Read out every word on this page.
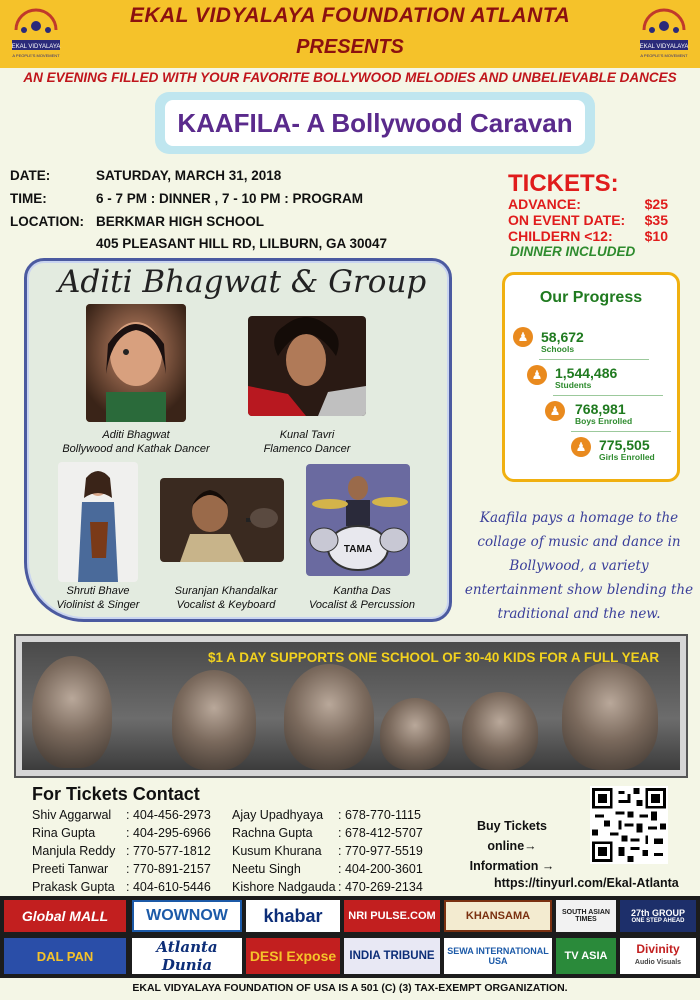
EKAL VIDYALAYA
A PEOPLE'S MOVEMENT
EKAL VIDYALAYA FOUNDATION ATLANTA
PRESENTS	EKAL VIDYALAYA
A PEOPLE'S MOVEMENT
AN EVENING FILLED WITH YOUR FAVORITE BOLLYWOOD MELODIES AND UNBELIEVABLE DANCES
KAAFILA- A Bollywood Caravan
DATE:	SATURDAY, MARCH 31, 2018
TIME:	6 - 7 PM : DINNER , 7 - 10 PM : PROGRAM
LOCATION: BERKMAR HIGH SCHOOL
405 PLEASANT HILL RD, LILBURN, GA 30047
TICKETS:
ADVANCE:	$25
ON EVENT DATE: $35
CHILDERN <12: $10
DINNER INCLUDED
Our Progress
♟ 58,672
Schools
♟ 1,544,486
Students
♟	768,981
Boys Enrolled
♟ 775,505
Girls Enrolled
Aditi Bhagwat & Group
Aditi Bhagwat
Bollywood and Kathak Dancer
Kunal Tavri
Flamenco Dancer
Shruti Bhave
Violinist & Singer
Suranjan Khandalkar
Vocalist & Keyboard
TAMA
Kantha Das
Vocalist & Percussion
Kaafila pays a homage to the collage of music and dance in Bollywood, a variety entertainment show blending the traditional and the new.
$1 A DAY SUPPORTS ONE SCHOOL OF 30-40 KIDS FOR A FULL YEAR
For Tickets Contact
Shiv Aggarwal : 404-456-2973
Rina Gupta : 404-295-6966
Manjula Reddy : 770-577-1812
Preeti Tanwar : 770-891-2157
Prakask Gupta : 404-610-5446
Ajay Upadhyaya : 678-770-1115
Rachna Gupta : 678-412-5707
Kusum Khurana : 770-977-5519
Neetu Singh	: 404-200-3601
Kishore Nadgauda : 470-269-2134
Buy Tickets online→
Information →
https://tinyurl.com/Ekal-Atlanta
Global MALL	WOWNOW	khabar	NRI PULSE.COM	KHANSAMA	SOUTH ASIAN TIMES
27th GROUP
ONE STEP AHEAD
DAL PAN	Atlanta Dunia	DESI Expose	INDIA TRIBUNE	SEWA INTERNATIONAL USA	TV ASIA	Divinity
Audio Visuals
EKAL VIDYALAYA FOUNDATION OF USA IS A 501 (C) (3) TAX-EXEMPT ORGANIZATION.
